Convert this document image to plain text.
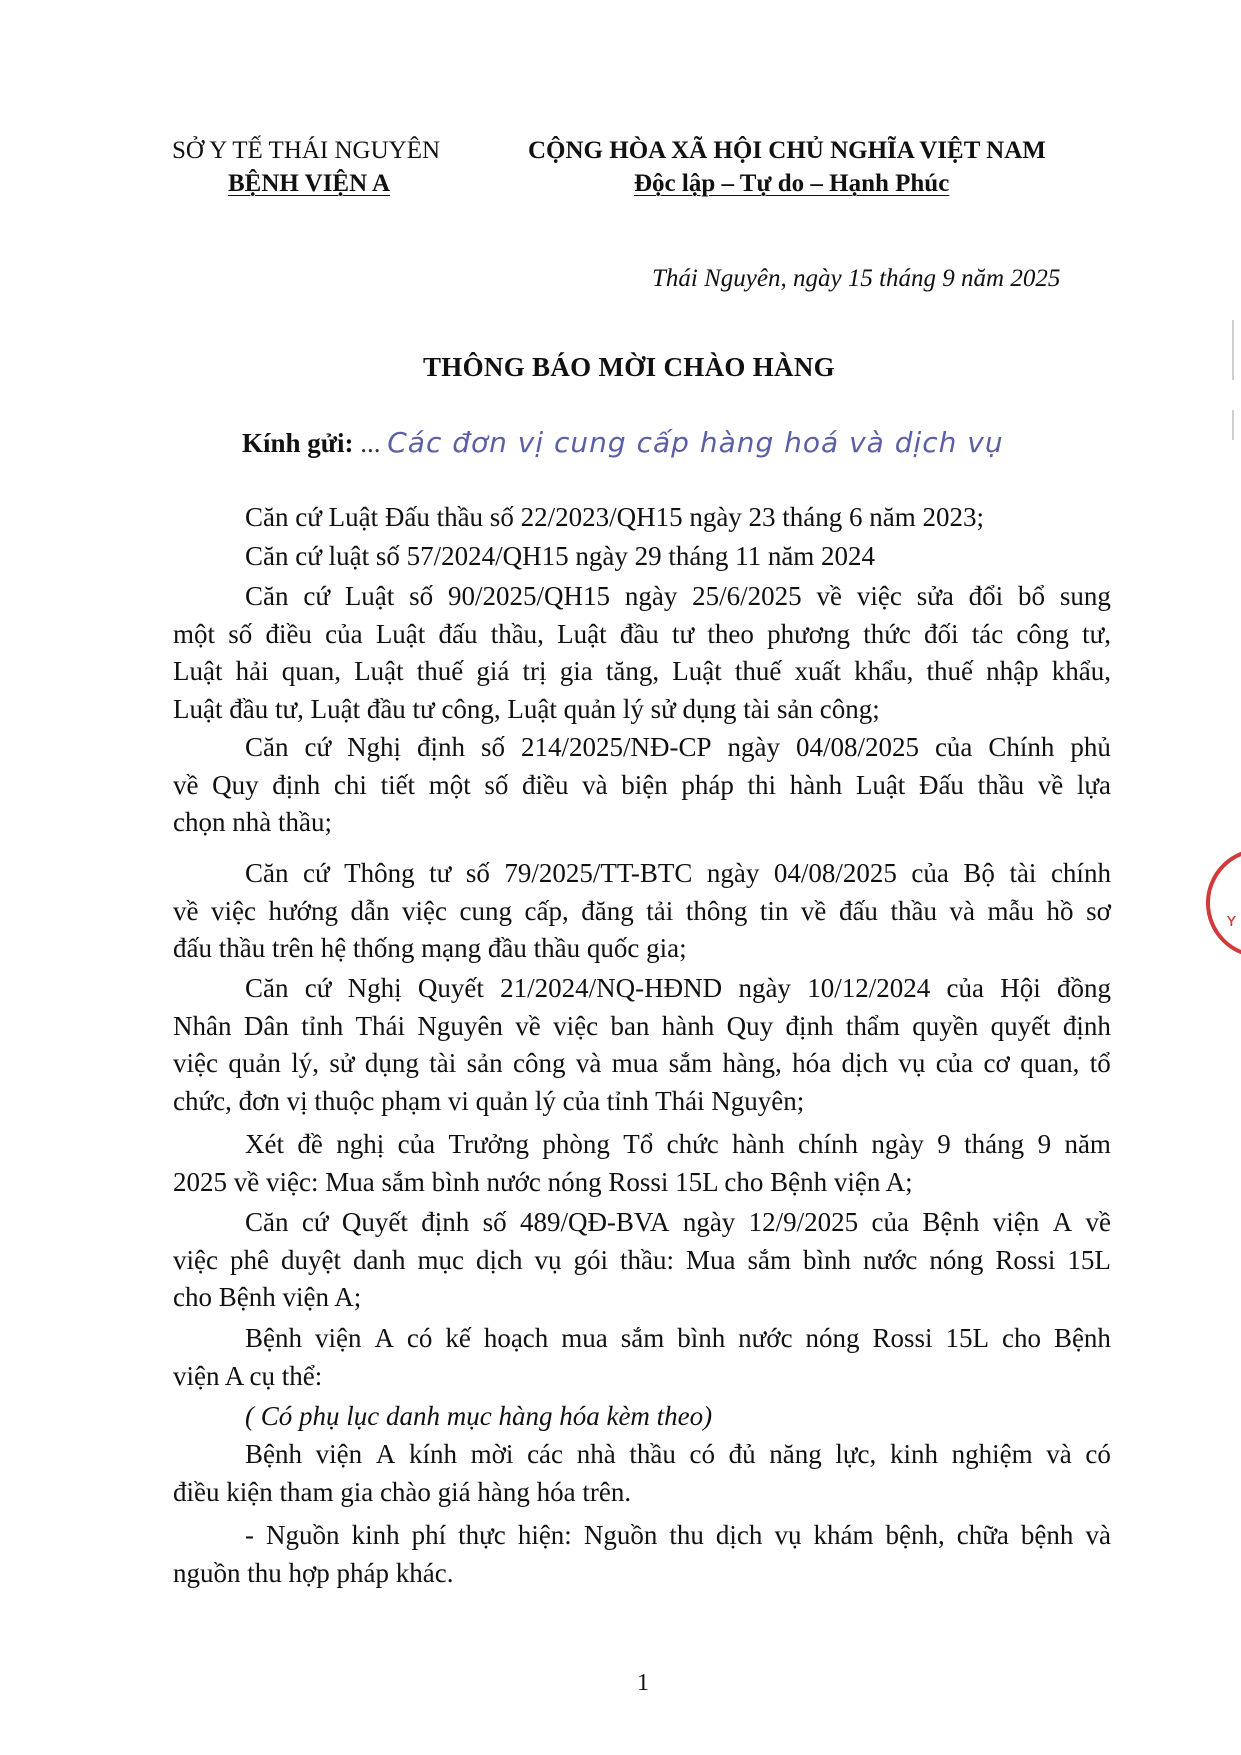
SỞ Y TẾ THÁI NGUYÊN
BỆNH VIỆN A
CỘNG HÒA XÃ HỘI CHỦ NGHĨA VIỆT NAM
Độc lập – Tự do – Hạnh Phúc
Thái Nguyên, ngày 15 tháng 9 năm 2025
THÔNG BÁO MỜI CHÀO HÀNG
Kính gửi: ... Các đơn vị cung cấp hàng hoá và dịch vụ
Căn cứ Luật Đấu thầu số 22/2023/QH15 ngày 23 tháng 6 năm 2023;
Căn cứ luật số 57/2024/QH15 ngày 29 tháng 11 năm 2024
Căn cứ Luật số 90/2025/QH15 ngày 25/6/2025 về việc sửa đổi bổ sung
một số điều của Luật đấu thầu, Luật đầu tư theo phương thức đối tác công tư,
Luật hải quan, Luật thuế giá trị gia tăng, Luật thuế xuất khẩu, thuế nhập khẩu,
Luật đầu tư, Luật đầu tư công, Luật quản lý sử dụng tài sản công;
Căn cứ Nghị định số 214/2025/NĐ-CP ngày 04/08/2025 của Chính phủ
về Quy định chi tiết một số điều và biện pháp thi hành Luật Đấu thầu về lựa
chọn nhà thầu;
Căn cứ Thông tư số 79/2025/TT-BTC ngày 04/08/2025 của Bộ tài chính
về việc hướng dẫn việc cung cấp, đăng tải thông tin về đấu thầu và mẫu hồ sơ
đấu thầu trên hệ thống mạng đầu thầu quốc gia;
Căn cứ Nghị Quyết 21/2024/NQ-HĐND ngày 10/12/2024 của Hội đồng
Nhân Dân tỉnh Thái Nguyên về việc ban hành Quy định thẩm quyền quyết định
việc quản lý, sử dụng tài sản công và mua sắm hàng, hóa dịch vụ của cơ quan, tổ
chức, đơn vị thuộc phạm vi quản lý của tỉnh Thái Nguyên;
Xét đề nghị của Trưởng phòng Tổ chức hành chính ngày 9 tháng 9 năm
2025 về việc: Mua sắm bình nước nóng Rossi 15L cho Bệnh viện A;
Căn cứ Quyết định số 489/QĐ-BVA ngày 12/9/2025 của Bệnh viện A về
việc phê duyệt danh mục dịch vụ gói thầu: Mua sắm bình nước nóng Rossi 15L
cho Bệnh viện A;
Bệnh viện A có kế hoạch mua sắm bình nước nóng Rossi 15L cho Bệnh
viện A cụ thể:
( Có phụ lục danh mục hàng hóa kèm theo)
Bệnh viện A kính mời các nhà thầu có đủ năng lực, kinh nghiệm và có
điều kiện tham gia chào giá hàng hóa trên.
- Nguồn kinh phí thực hiện: Nguồn thu dịch vụ khám bệnh, chữa bệnh và
nguồn thu hợp pháp khác.
1
ʏ
